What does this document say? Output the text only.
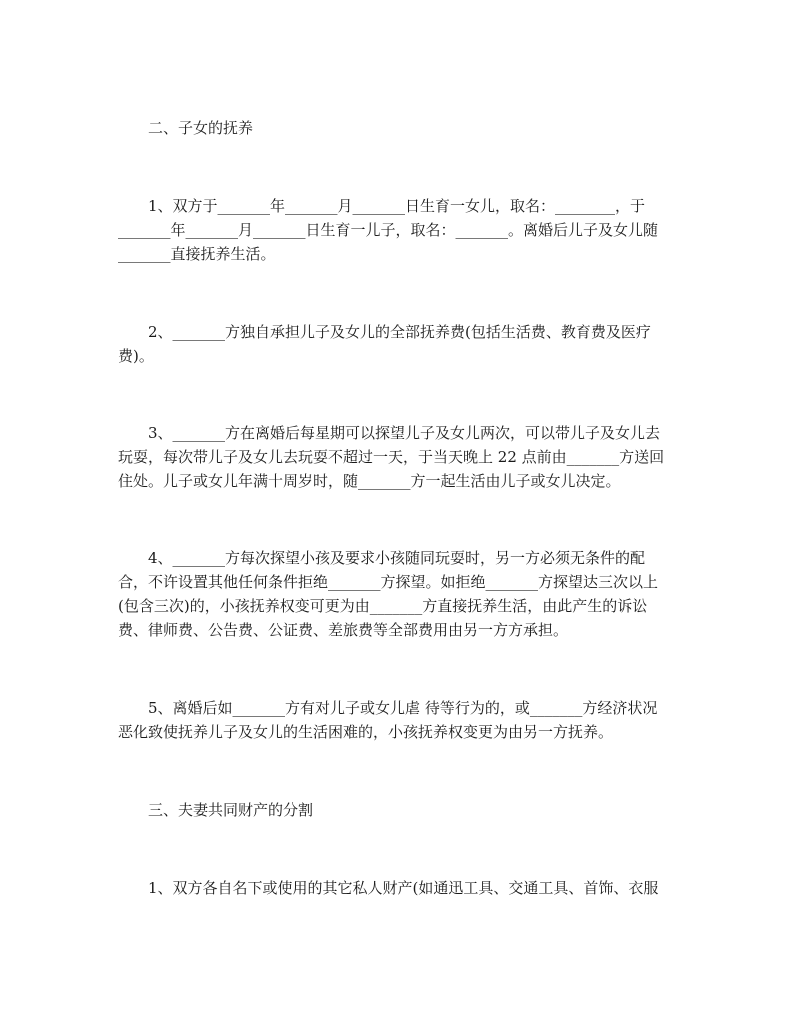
二、子女的抚养
1、双方于_______年_______月_______日生育一女儿，取名：________，于
_______年_______月_______日生育一儿子，取名：_______。离婚后儿子及女儿随
_______直接抚养生活。
2、_______方独自承担儿子及女儿的全部抚养费(包括生活费、教育费及医疗
费)。
3、_______方在离婚后每星期可以探望儿子及女儿两次，可以带儿子及女儿去
玩耍，每次带儿子及女儿去玩耍不超过一天，于当天晚上 22 点前由_______方送回
住处。儿子或女儿年满十周岁时，随_______方一起生活由儿子或女儿决定。
4、_______方每次探望小孩及要求小孩随同玩耍时，另一方必须无条件的配
合，不许设置其他任何条件拒绝_______方探望。如拒绝_______方探望达三次以上
(包含三次)的，小孩抚养权变可更为由_______方直接抚养生活，由此产生的诉讼
费、律师费、公告费、公证费、差旅费等全部费用由另一方方承担。
5、离婚后如_______方有对儿子或女儿虐 待等行为的，或_______方经济状况
恶化致使抚养儿子及女儿的生活困难的，小孩抚养权变更为由另一方抚养。
三、夫妻共同财产的分割
1、双方各自名下或使用的其它私人财产(如通迅工具、交通工具、首饰、衣服
